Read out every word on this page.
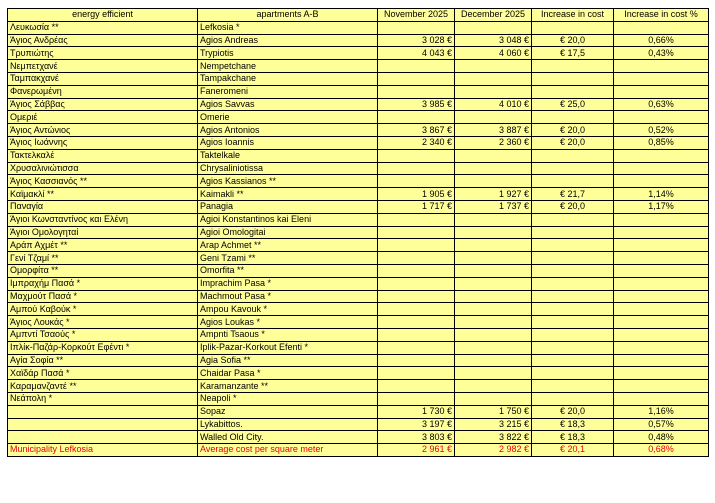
energy efficient	apartments A-B	November 2025	December 2025	Increase in cost	Increase in cost %
Λευκωσία **	Lefkosia *				
Άγιος Ανδρέας	Agios Andreas	3 028 €	3 048 €	€ 20,0	0,66%
Τρυπιώτης	Trypiotis	4 043 €	4 060 €	€ 17,5	0,43%
Νεμπετχανέ	Nempetchane				
Ταμπακχανέ	Tampakchane				
Φανερωμένη	Faneromeni				
Άγιος Σάββας	Agios Savvas	3 985 €	4 010 €	€ 25,0	0,63%
Ομεριέ	Omerie				
Άγιος Αντώνιος	Agios Antonios	3 867 €	3 887 €	€ 20,0	0,52%
Άγιος Ιωάννης	Agios Ioannis	2 340 €	2 360 €	€ 20,0	0,85%
Τακτελκαλέ	Taktelkale				
Χρυσαλινιώτισσα	Chrysaliniotissa				
Άγιος Κασσιανός **	Agios Kassianos **				
Καϊμακλί **	Kaimakli **	1 905 €	1 927 €	€ 21,7	1,14%
Παναγία	Panagia	1 717 €	1 737 €	€ 20,0	1,17%
Άγιοι Κωνσταντίνος και Ελένη	Agioi Konstantinos kai Eleni				
Άγιοι Ομολογηταί	Agioi Omologitai				
Αράπ Αχμέτ **	Arap Achmet **				
Γενί Τζαμί **	Geni Tzami **				
Ομορφίτα **	Omorfita **				
Ιμπραχήμ Πασά *	Imprachim Pasa *				
Μαχμούτ Πασά *	Machmout Pasa *				
Αμπού Καβούκ *	Ampou Kavouk *				
Άγιος Λουκάς *	Agios Loukas *				
Αμπντί Τσαούς *	Ampnti Tsaous *				
Ιπλίκ-Παζάρ-Κορκούτ Εφέντι *	Iplik-Pazar-Korkout Efenti *				
Αγία Σοφία **	Agia Sofia **				
Χαϊδάρ Πασά *	Chaidar Pasa *				
Καραμανζαντέ **	Karamanzante **				
Νεάπολη *	Neapoli *				
	Sopaz	1 730 €	1 750 €	€ 20,0	1,16%
	Lykabittos.	3 197 €	3 215 €	€ 18,3	0,57%
	Walled Old City.	3 803 €	3 822 €	€ 18,3	0,48%
Municipality Lefkosia	Average cost per square meter	2 961 €	2 982 €	€ 20,1	0,68%
